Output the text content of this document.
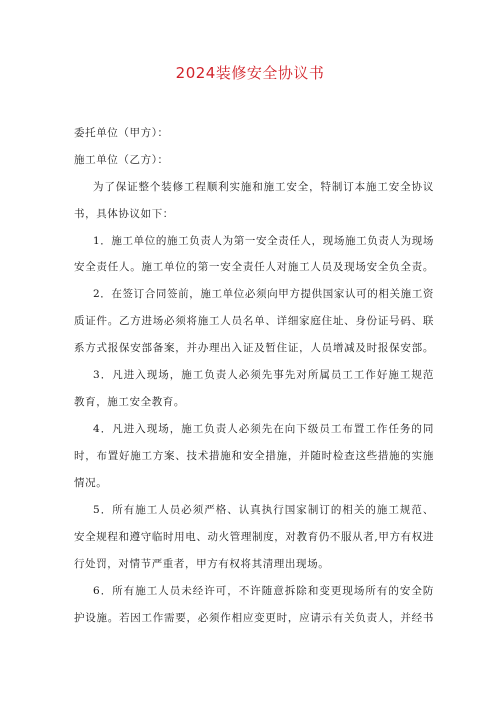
2024装修安全协议书
委托单位（甲方）：
施工单位（乙方）：
为了保证整个装修工程顺利实施和施工安全，特制订本施工安全协议
书，具体协议如下：
1．施工单位的施工负责人为第一安全责任人，现场施工负责人为现场
安全责任人。施工单位的第一安全责任人对施工人员及现场安全负全责。
2．在签订合同签前，施工单位必须向甲方提供国家认可的相关施工资
质证件。乙方进场必须将施工人员名单、详细家庭住址、身份证号码、联
系方式报保安部备案，并办理出入证及暂住证，人员增减及时报保安部。
3．凡进入现场，施工负责人必须先事先对所属员工工作好施工规范
教育，施工安全教育。
4．凡进入现场，施工负责人必须先在向下级员工布置工作任务的同
时，布置好施工方案、技术措施和安全措施，并随时检查这些措施的实施
情况。
5．所有施工人员必须严格、认真执行国家制订的相关的施工规范、
安全规程和遵守临时用电、动火管理制度，对教育仍不服从者,甲方有权进
行处罚，对情节严重者，甲方有权将其清理出现场。
6．所有施工人员未经许可，不许随意拆除和变更现场所有的安全防
护设施。若因工作需要，必须作相应变更时，应请示有关负责人，并经书
